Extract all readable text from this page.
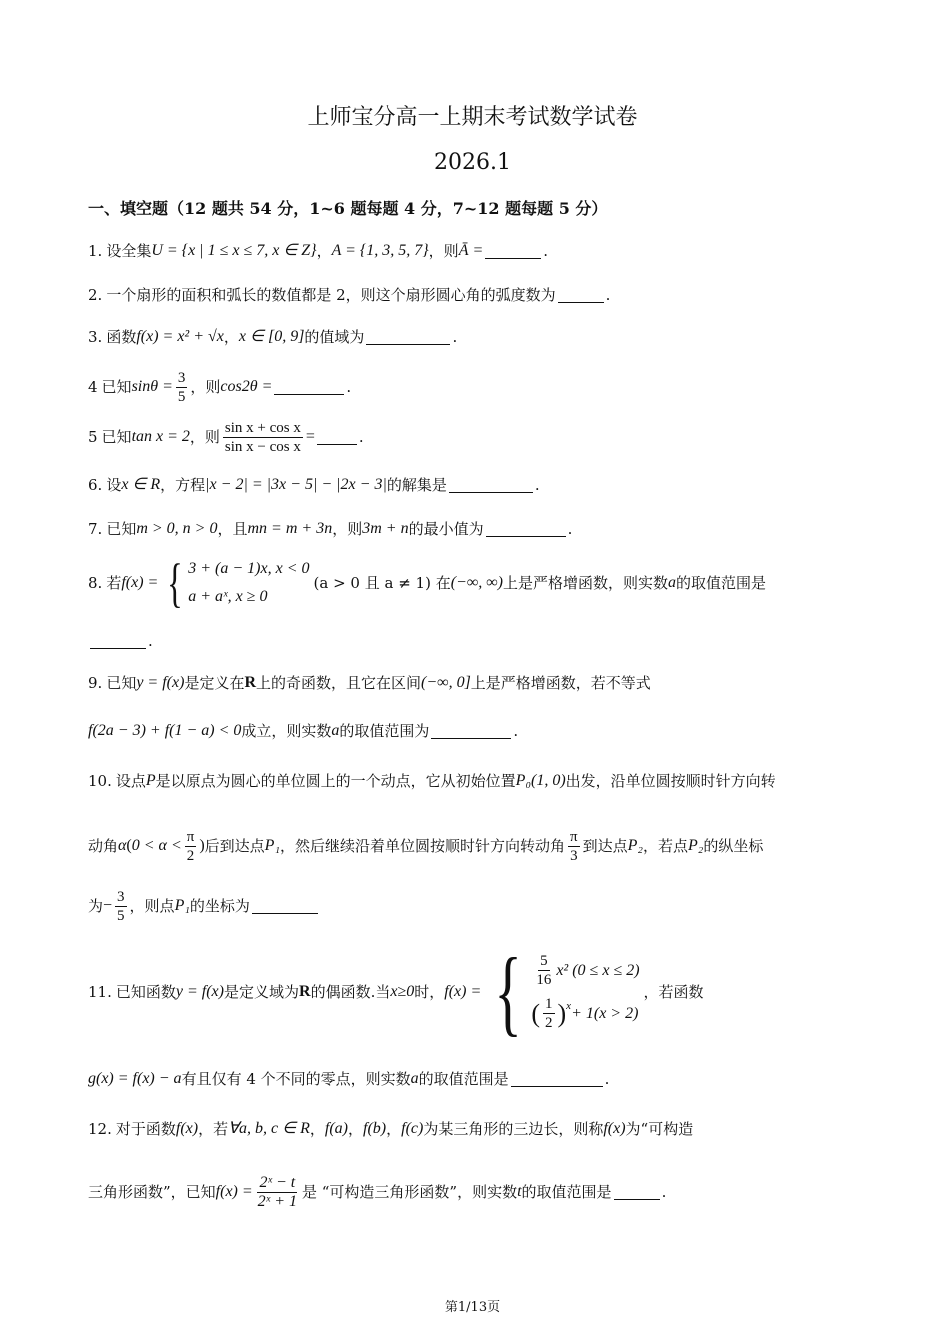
上师宝分高一上期末考试数学试卷
2026.1
一、填空题（12 题共 54 分，1~6 题每题 4 分，7~12 题每题 5 分）
1. 设全集 U = {x | 1 ≤ x ≤ 7, x ∈ Z} ， A = {1, 3, 5, 7} ，则 Ā =	.
2. 一个扇形的面积和弧长的数值都是 2，则这个扇形圆心角的弧度数为	.
3. 函数 f(x) = x² + √x ， x ∈ [0, 9] 的值域为	.
4 已知 $\sin\theta = \frac{3}{5}$ ，则 cos2θ =	.
5 已知 tan x = 2 ，则 $\frac{\text{sin x + cos x}}{\text{sin x − cos x}}$ =	.
6. 设 x ∈ R ，方程 |x − 2| = |3x − 5| − |2x − 3| 的解集是	.
7. 已知 m > 0, n > 0 ，且 mn = m + 3n ，则 3m + n 的最小值为	.
8. 若 f(x) = { 3 + (a − 1)x, x < 0
a + aˣ, x ≥ 0
(a > 0 且 a ≠ 1) 在 (−∞, ∞) 上是严格增函数，则实数 a 的取值范围是
.
9. 已知 y = f(x) 是定义在 R 上的奇函数，且它在区间 (−∞, 0] 上是严格增函数，若不等式
f(2a − 3) + f(1 − a) < 0 成立，则实数 a 的取值范围为	.
10. 设点 P 是以原点为圆心的单位圆上的一个动点，它从初始位置 P₀(1, 0) 出发，沿单位圆按顺时针方向转
动角 α ( $0 < \alpha < \frac{\pi}{2}$ ) 后到达点 P₁ ，然后继续沿着单位圆按顺时针方向转动角 $\frac{\pi}{3}$ 到达点 P₂ ，若点 P₂ 的纵坐标
为 − $\frac{3}{5}$ ，则点 P₁ 的坐标为
11. 已知函数 y = f(x) 是定义域为 R 的偶函数.当 x≥0 时， f(x) = { $\frac{5}{16} x^2$ (0 ≤ x ≤ 2)
( $\frac{1}{2}$ ) x + 1(x > 2)
，若函数
g(x) = f(x) − a 有且仅有 4 个不同的零点，则实数 a 的取值范围是	.
12. 对于函数 f(x) ，若 ∀a, b, c ∈ R ， f(a) ， f(b) ， f(c) 为某三角形的三边长，则称 f(x) 为“可构造
三角形函数”，已知 $f(x) = \frac{\text{2ˣ − t}}{\text{2ˣ + 1}}$ 是 “可构造三角形函数”，则实数 t 的取值范围是	.
第1/13页
